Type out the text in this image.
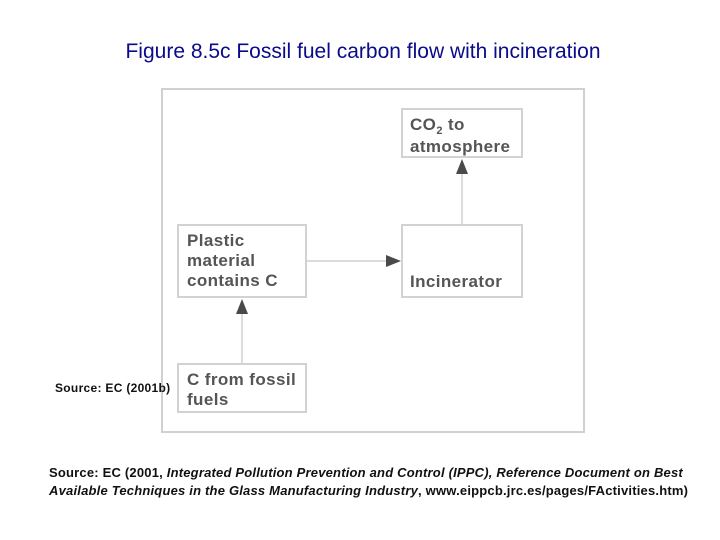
Figure 8.5c Fossil fuel carbon flow with incineration
$CO_2$ to
atmosphere
Plastic
material
contains C	Incinerator
C from fossil
fuels
Source: EC (2001b)
Source: EC (2001, Integrated Pollution Prevention and Control (IPPC), Reference Document on Best Available Techniques in the Glass Manufacturing Industry, www.eippcb.jrc.es/pages/FActivities.htm)
